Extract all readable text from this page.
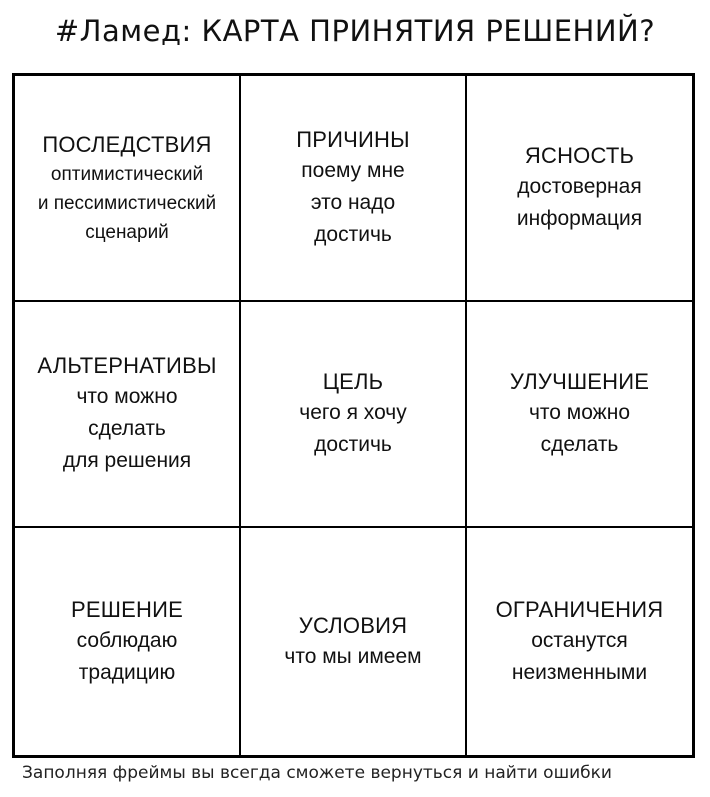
#Ламед: КАРТА ПРИНЯТИЯ РЕШЕНИЙ?
ПОСЛЕДСТВИЯ
оптимистический
и пессимистический
сценарий
ПРИЧИНЫ
поему мне
это надо
достичь
ЯСНОСТЬ
достоверная
информация
АЛЬТЕРНАТИВЫ
что можно
сделать
для решения
ЦЕЛЬ
чего я хочу
достичь
УЛУЧШЕНИЕ
что можно
сделать
РЕШЕНИЕ
соблюдаю
традицию
УСЛОВИЯ
что мы имеем
ОГРАНИЧЕНИЯ
останутся
неизменными
Заполняя фреймы вы всегда сможете вернуться и найти ошибки
